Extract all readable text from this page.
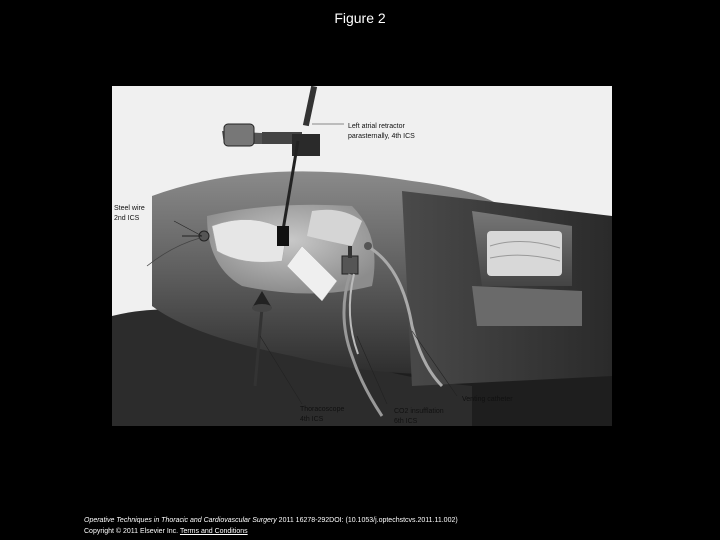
Figure 2
Left atrial retractor
parasternally, 4th ICS
Steel wire
2nd ICS
Venting catheter
Thoracoscope
4th ICS
CO2 insufflation
6th ICS
Operative Techniques in Thoracic and Cardiovascular Surgery 2011 16278-292DOI: (10.1053/j.optechstcvs.2011.11.002)
Copyright © 2011 Elsevier Inc. Terms and Conditions
